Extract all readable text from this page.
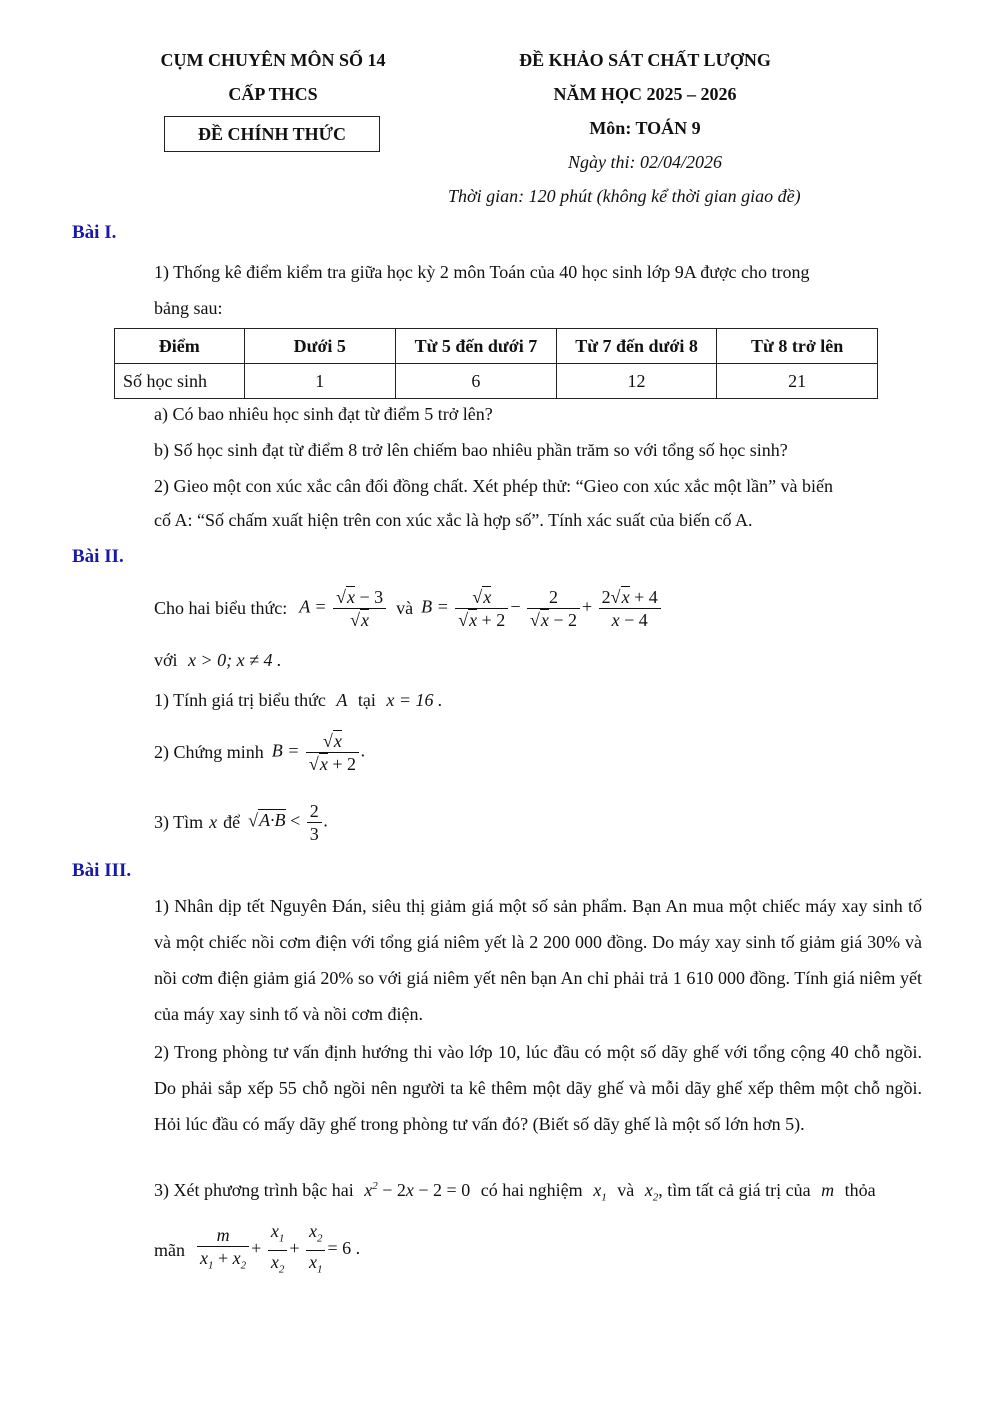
CỤM CHUYÊN MÔN SỐ 14
CẤP THCS
ĐỀ CHÍNH THỨC
ĐỀ KHẢO SÁT CHẤT LƯỢNG
NĂM HỌC 2025 – 2026
Môn: TOÁN 9
Ngày thi: 02/04/2026
Thời gian: 120 phút (không kể thời gian giao đề)
Bài I.
1) Thống kê điểm kiểm tra giữa học kỳ 2 môn Toán của 40 học sinh lớp 9A được cho trong
bảng sau:
Điểm	Dưới 5	Từ 5 đến dưới 7	Từ 7 đến dưới 8	Từ 8 trở lên
Số học sinh	1	6	12	21
a) Có bao nhiêu học sinh đạt từ điểm 5 trở lên?
b) Số học sinh đạt từ điểm 8 trở lên chiếm bao nhiêu phần trăm so với tổng số học sinh?
2) Gieo một con xúc xắc cân đối đồng chất. Xét phép thử: “Gieo con xúc xắc một lần” và biến
cố A: “Số chấm xuất hiện trên con xúc xắc là hợp số”. Tính xác suất của biến cố A.
Bài II.
Cho hai biểu thức: $A = \frac{√x - 3}{√x}$ và $B = \frac{√x}{√x + 2} - \frac{2}{√x - 2} + \frac{2√x + 4}{x - 4}$
với x > 0; x ≠ 4 .
1) Tính giá trị biểu thức A tại x = 16 .
2) Chứng minh $B = \frac{√x}{√x + 2}$ .
3) Tìm x để $√A\cdot B < \frac{2}{3}$ .
Bài III.
1) Nhân dịp tết Nguyên Đán, siêu thị giảm giá một số sản phẩm. Bạn An mua một chiếc máy xay sinh tố và một chiếc nồi cơm điện với tổng giá niêm yết là 2 200 000 đồng. Do máy xay sinh tố giảm giá 30% và nồi cơm điện giảm giá 20% so với giá niêm yết nên bạn An chỉ phải trả 1 610 000 đồng. Tính giá niêm yết của máy xay sinh tố và nồi cơm điện.
2) Trong phòng tư vấn định hướng thi vào lớp 10, lúc đầu có một số dãy ghế với tổng cộng 40 chỗ ngồi. Do phải sắp xếp 55 chỗ ngồi nên người ta kê thêm một dãy ghế và mỗi dãy ghế xếp thêm một chỗ ngồi. Hỏi lúc đầu có mấy dãy ghế trong phòng tư vấn đó? (Biết số dãy ghế là một số lớn hơn 5).
3) Xét phương trình bậc hai $x^2 - 2x - 2 = 0$ có hai nghiệm $x_1$ và $x_2$, tìm tất cả giá trị của m thỏa
mãn $\frac{m}{x_1 + x_2} + \frac{x_1}{x_2} + \frac{x_2}{x_1} = 6$ .
